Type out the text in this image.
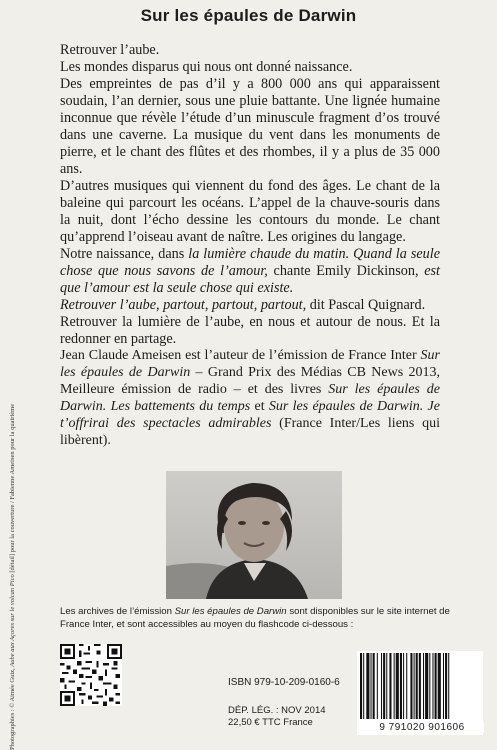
Sur les épaules de Darwin

Retrouver l’aube.

Les mondes disparus qui nous ont donné naissance.

Des empreintes de pas d’il y a 800 000 ans qui apparaissent soudain, l’an dernier, sous une pluie battante. Une lignée humaine inconnue que révèle l’étude d’un minuscule fragment d’os trouvé dans une caverne. La musique du vent dans les monuments de pierre, et le chant des flûtes et des rhombes, il y a plus de 35 000 ans.

D’autres musiques qui viennent du fond des âges. Le chant de la baleine qui parcourt les océans. L’appel de la chauve-souris dans la nuit, dont l’écho dessine les contours du monde. Le chant qu’apprend l’oiseau avant de naître. Les origines du langage.

Notre naissance, dans la lumière chaude du matin. Quand la seule chose que nous savons de l’amour, chante Emily Dickinson, est que l’amour est la seule chose qui existe.

Retrouver l’aube, partout, partout, partout, dit Pascal Quignard.

Retrouver la lumière de l’aube, en nous et autour de nous. Et la redonner en partage.

Jean Claude Ameisen est l’auteur de l’émission de France Inter Sur les épaules de Darwin – Grand Prix des Médias CB News 2013, Meilleure émission de radio – et des livres Sur les épaules de Darwin. Les battements du temps et Sur les épaules de Darwin. Je t’offrirai des spectacles admirables (France Inter/Les liens qui libèrent).

Les archives de l’émission Sur les épaules de Darwin sont disponibles sur le site internet de France Inter, et sont accessibles au moyen du flashcode ci-dessous :

ISBN 979-10-209-0160-6
DÉP. LÉG. : NOV 2014
22,50 € TTC France	9 791020 901606
Photographies : © Aimée Guiz, Aube aux Açores sur le volcan Pico [détail] pour la couverture / Fabienne Ameisen pour la quatrième
